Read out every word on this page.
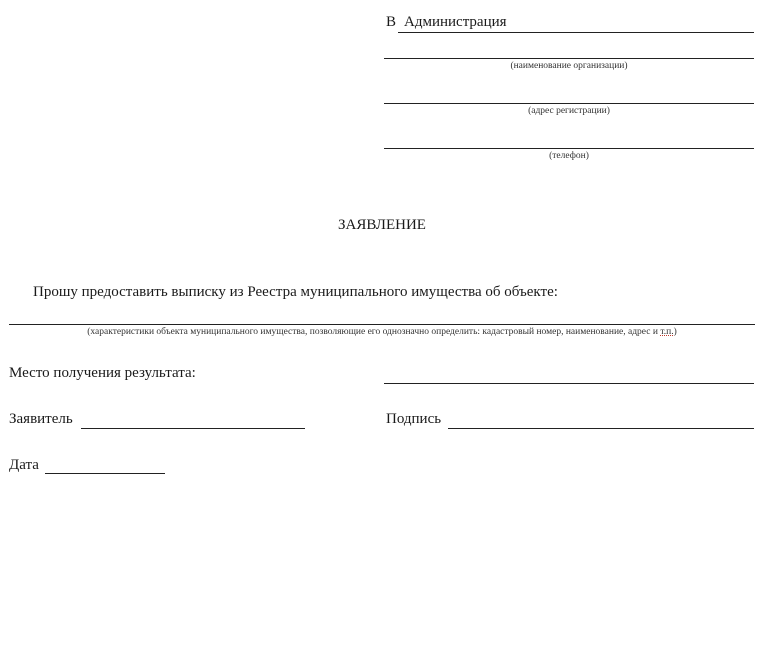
В Администрация
(наименование организации)
(адрес регистрации)
(телефон)
ЗАЯВЛЕНИЕ
Прошу предоставить выписку из Реестра муниципального имущества об объекте:
(характеристики объекта муниципального имущества, позволяющие его однозначно определить: кадастровый номер, наименование, адрес и т.п.)
Место получения результата:
Заявитель	Подпись
Дата
